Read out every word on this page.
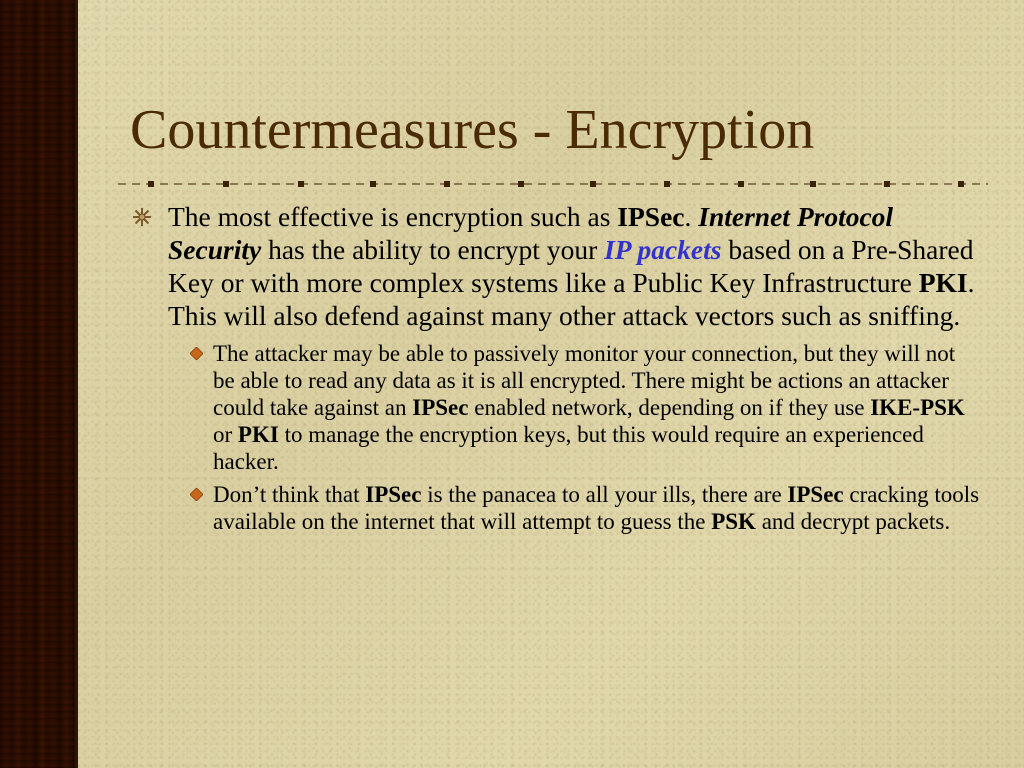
Countermeasures - Encryption
The most effective is encryption such as IPSec. Internet Protocol Security has the ability to encrypt your IP packets based on a Pre-Shared Key or with more complex systems like a Public Key Infrastructure PKI. This will also defend against many other attack vectors such as sniffing.
The attacker may be able to passively monitor your connection, but they will not be able to read any data as it is all encrypted. There might be actions an attacker could take against an IPSec enabled network, depending on if they use IKE-PSK or PKI to manage the encryption keys, but this would require an experienced hacker.
Don’t think that IPSec is the panacea to all your ills, there are IPSec cracking tools available on the internet that will attempt to guess the PSK and decrypt packets.
